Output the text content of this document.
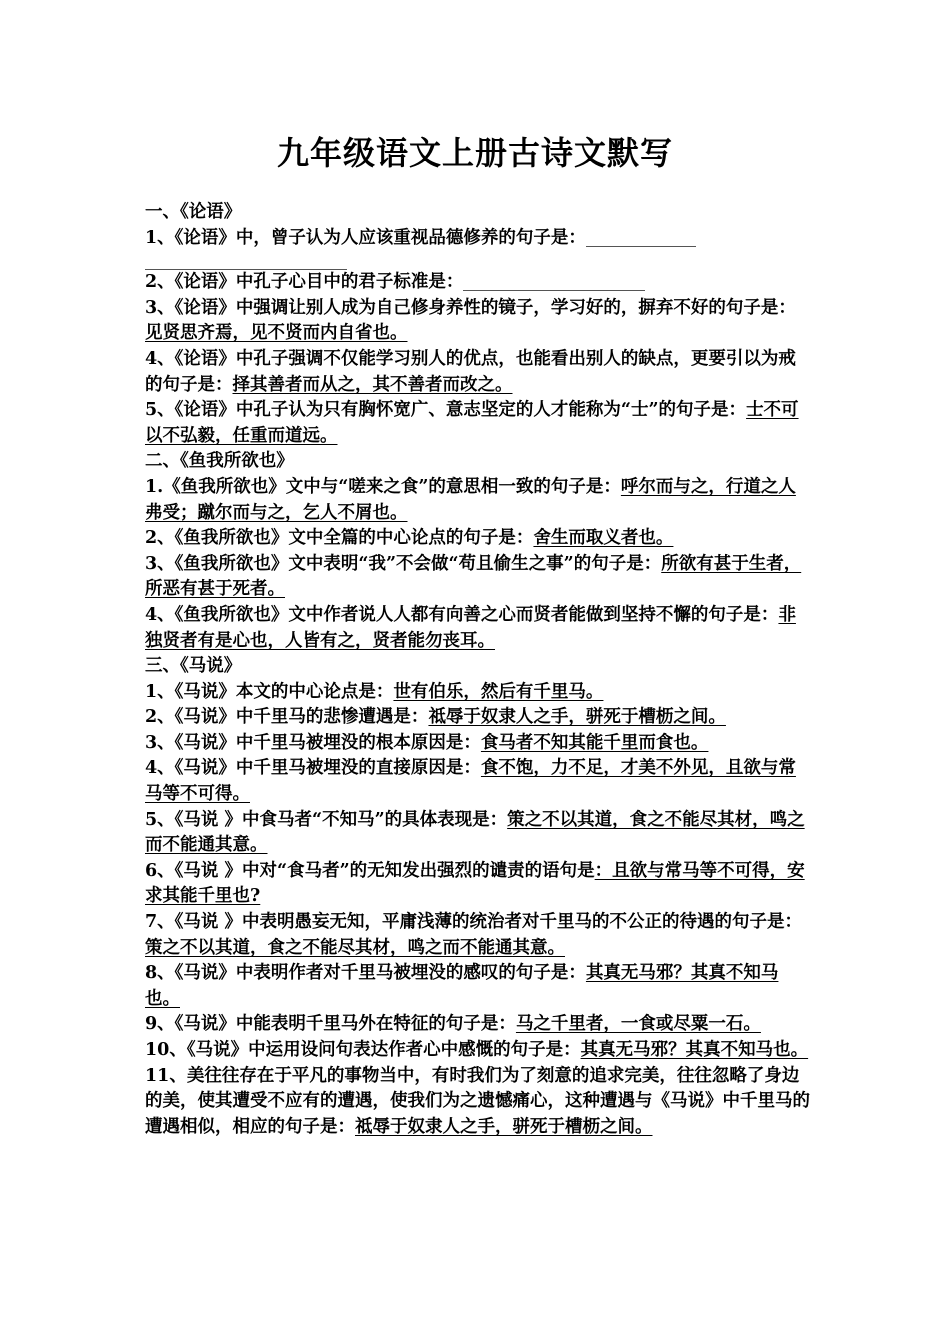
九年级语文上册古诗文默写

一、《论语》

1、《论语》中，曾子认为人应该重视品德修养的句子是：

2、《论语》中孔子心目中的君子标准是：

3、《论语》中强调让别人成为自己修身养性的镜子，学习好的，摒弃不好的句子是：见贤思齐焉，见不贤而内自省也。

4、《论语》中孔子强调不仅能学习别人的优点，也能看出别人的缺点，更要引以为戒的句子是：择其善者而从之，其不善者而改之。

5、《论语》中孔子认为只有胸怀宽广、意志坚定的人才能称为“士”的句子是：士不可以不弘毅，任重而道远。

二、《鱼我所欲也》

1.《鱼我所欲也》文中与“嗟来之食”的意思相一致的句子是：呼尔而与之，行道之人弗受；蹴尔而与之，乞人不屑也。

2、《鱼我所欲也》文中全篇的中心论点的句子是：舍生而取义者也。

3、《鱼我所欲也》文中表明“我”不会做“苟且偷生之事”的句子是：所欲有甚于生者，所恶有甚于死者。

4、《鱼我所欲也》文中作者说人人都有向善之心而贤者能做到坚持不懈的句子是：非独贤者有是心也，人皆有之，贤者能勿丧耳。

三、《马说》

1、《马说》本文的中心论点是：世有伯乐，然后有千里马。

2、《马说》中千里马的悲惨遭遇是：祗辱于奴隶人之手，骈死于槽枥之间。

3、《马说》中千里马被埋没的根本原因是：食马者不知其能千里而食也。

4、《马说》中千里马被埋没的直接原因是：食不饱，力不足，才美不外见，且欲与常马等不可得。

5、《马说 》中食马者“不知马”的具体表现是：策之不以其道，食之不能尽其材，鸣之而不能通其意。

6、《马说 》中对“食马者”的无知发出强烈的谴责的语句是：且欲与常马等不可得，安求其能千里也?

7、《马说 》中表明愚妄无知，平庸浅薄的统治者对千里马的不公正的待遇的句子是：策之不以其道，食之不能尽其材，鸣之而不能通其意。

8、《马说》中表明作者对千里马被埋没的感叹的句子是：其真无马邪？其真不知马也。

9、《马说》中能表明千里马外在特征的句子是：马之千里者，一食或尽粟一石。

10、《马说》中运用设问句表达作者心中感慨的句子是：其真无马邪？其真不知马也。

11、美往往存在于平凡的事物当中，有时我们为了刻意的追求完美，往往忽略了身边的美，使其遭受不应有的遭遇，使我们为之遗憾痛心，这种遭遇与《马说》中千里马的遭遇相似，相应的句子是：祗辱于奴隶人之手，骈死于槽枥之间。
